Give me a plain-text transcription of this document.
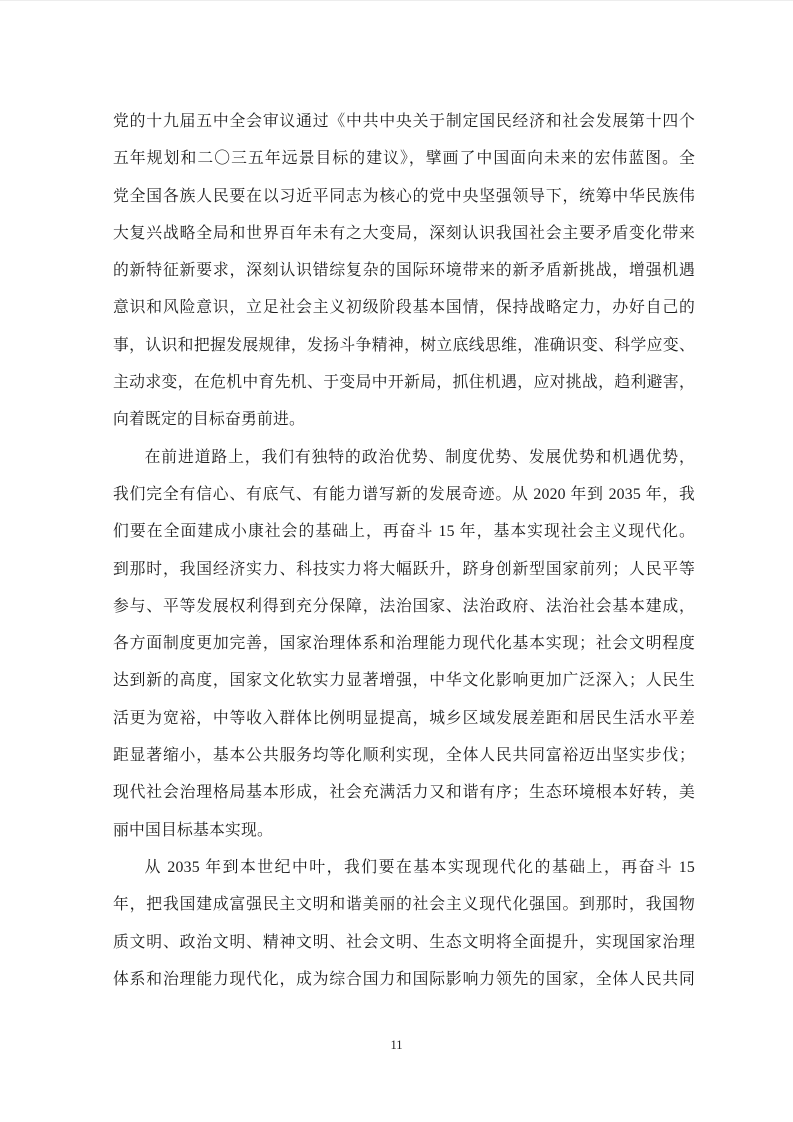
党的十九届五中全会审议通过《中共中央关于制定国民经济和社会发展第十四个
五年规划和二〇三五年远景目标的建议》，擘画了中国面向未来的宏伟蓝图。全
党全国各族人民要在以习近平同志为核心的党中央坚强领导下，统筹中华民族伟
大复兴战略全局和世界百年未有之大变局，深刻认识我国社会主要矛盾变化带来
的新特征新要求，深刻认识错综复杂的国际环境带来的新矛盾新挑战，增强机遇
意识和风险意识，立足社会主义初级阶段基本国情，保持战略定力，办好自己的
事，认识和把握发展规律，发扬斗争精神，树立底线思维，准确识变、科学应变、
主动求变，在危机中育先机、于变局中开新局，抓住机遇，应对挑战，趋利避害，
向着既定的目标奋勇前进。
在前进道路上，我们有独特的政治优势、制度优势、发展优势和机遇优势，
我们完全有信心、有底气、有能力谱写新的发展奇迹。从 2020 年到 2035 年，我
们要在全面建成小康社会的基础上，再奋斗 15 年，基本实现社会主义现代化。
到那时，我国经济实力、科技实力将大幅跃升，跻身创新型国家前列；人民平等
参与、平等发展权利得到充分保障，法治国家、法治政府、法治社会基本建成，
各方面制度更加完善，国家治理体系和治理能力现代化基本实现；社会文明程度
达到新的高度，国家文化软实力显著增强，中华文化影响更加广泛深入；人民生
活更为宽裕，中等收入群体比例明显提高，城乡区域发展差距和居民生活水平差
距显著缩小，基本公共服务均等化顺利实现，全体人民共同富裕迈出坚实步伐；
现代社会治理格局基本形成，社会充满活力又和谐有序；生态环境根本好转，美
丽中国目标基本实现。
从 2035 年到本世纪中叶，我们要在基本实现现代化的基础上，再奋斗 15
年，把我国建成富强民主文明和谐美丽的社会主义现代化强国。到那时，我国物
质文明、政治文明、精神文明、社会文明、生态文明将全面提升，实现国家治理
体系和治理能力现代化，成为综合国力和国际影响力领先的国家，全体人民共同
11
